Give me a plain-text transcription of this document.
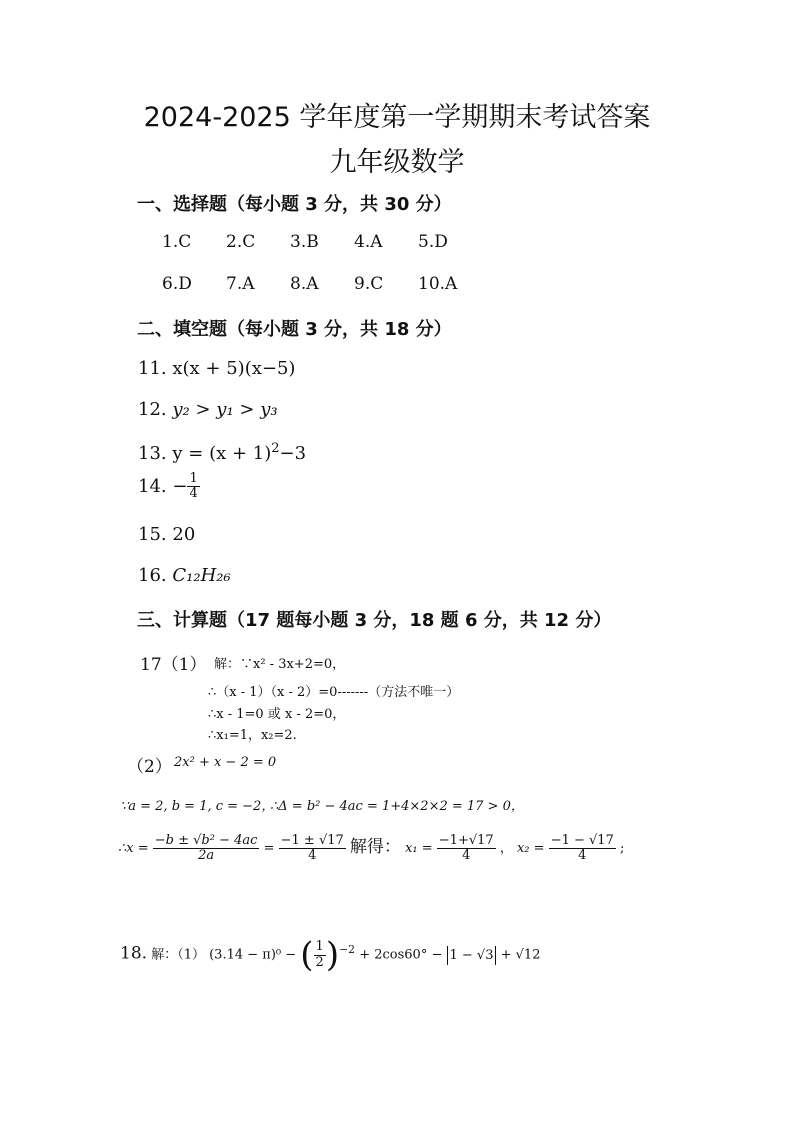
2024-2025 学年度第一学期期末考试答案
九年级数学
一、选择题（每小题 3 分，共 30 分）
1.C 2.C 3.B 4.A 5.D
6.D 7.A 8.A 9.C 10.A
二、填空题（每小题 3 分，共 18 分）
11. x(x + 5)(x−5)
12. y₂ > y₁ > y₃
13. $y = (x + 1)^2-3$
14. − $\frac{1}{4}$
15. 20
16. C₁₂H₂₆
三、计算题（17 题每小题 3 分，18 题 6 分，共 12 分）
17（1） 解：∵x² - 3x+2=0，
∴（x - 1）（x - 2）=0-------（方法不唯一）
∴x - 1=0 或 x - 2=0，
∴x₁=1，x₂=2.
（2） 2x² + x − 2 = 0
∵a = 2, b = 1, c = −2，
∴Δ = b² − 4ac = 1+4×2×2 = 17 > 0，
∴x = $\frac{\text{−b ± √b² − 4ac}}{2a} = \frac{-1 \pm √17}{4}$ 解得： $x_1 = \frac{-1+√17}{4}$ ， $x_2 = \frac{-1 - √17}{4}$ ;
18. 解：（1） (3.14 − π)⁰ − ( $\frac{1}{2} )^{-2} + 2\cos 60^\circ - 1 - √3 + √12$
